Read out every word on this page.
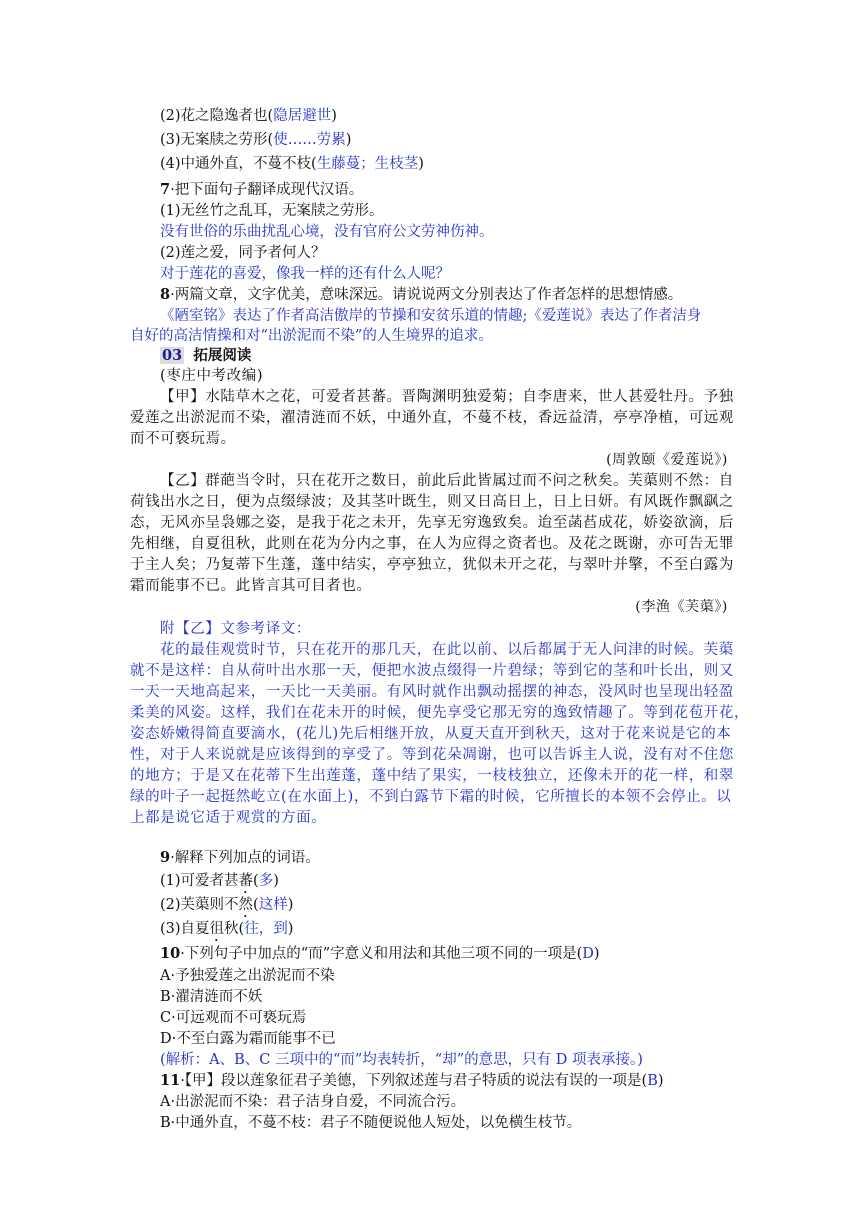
(2)花之隐逸者也(隐居避世)
(3)无案牍之劳形(使……劳累)
(4)中通外直，不蔓不枝(生藤蔓；生枝茎)
7·把下面句子翻译成现代汉语。
(1)无丝竹之乱耳，无案牍之劳形。
没有世俗的乐曲扰乱心境，没有官府公文劳神伤神。
(2)莲之爱，同予者何人？
对于莲花的喜爱，像我一样的还有什么人呢？
8·两篇文章，文字优美，意味深远。请说说两文分别表达了作者怎样的思想情感。
《陋室铭》表达了作者高洁傲岸的节操和安贫乐道的情趣;《爱莲说》表达了作者洁身
自好的高洁情操和对“出淤泥而不染”的人生境界的追求。
03 拓展阅读
(枣庄中考改编)
【甲】水陆草木之花，可爱者甚蕃。晋陶渊明独爱菊；自李唐来，世人甚爱牡丹。予独
爱莲之出淤泥而不染，濯清涟而不妖，中通外直，不蔓不枝，香远益清，亭亭净植，可远观
而不可亵玩焉。
(周敦颐《爱莲说》)
【乙】群葩当令时，只在花开之数日，前此后此皆属过而不问之秋矣。芙蕖则不然：自
荷钱出水之日，便为点缀绿波；及其茎叶既生，则又日高日上，日上日妍。有风既作飘飖之
态，无风亦呈袅娜之姿，是我于花之未开，先享无穷逸致矣。迨至菡萏成花，娇姿欲滴，后
先相继，自夏徂秋，此则在花为分内之事，在人为应得之资者也。及花之既谢，亦可告无罪
于主人矣；乃复蒂下生蓬，蓬中结实，亭亭独立，犹似未开之花，与翠叶并擎，不至白露为
霜而能事不已。此皆言其可目者也。
(李渔《芙蕖》)
附【乙】文参考译文：
花的最佳观赏时节，只在花开的那几天，在此以前、以后都属于无人问津的时候。芙蕖
就不是这样：自从荷叶出水那一天，便把水波点缀得一片碧绿；等到它的茎和叶长出，则又
一天一天地高起来，一天比一天美丽。有风时就作出飘动摇摆的神态，没风时也呈现出轻盈
柔美的风姿。这样，我们在花未开的时候，便先享受它那无穷的逸致情趣了。等到花苞开花，
姿态娇嫩得简直要滴水，(花儿)先后相继开放，从夏天直开到秋天，这对于花来说是它的本
性，对于人来说就是应该得到的享受了。等到花朵凋谢，也可以告诉主人说，没有对不住您
的地方；于是又在花蒂下生出莲蓬，蓬中结了果实，一枝枝独立，还像未开的花一样，和翠
绿的叶子一起挺然屹立(在水面上)，不到白露节下霜的时候，它所擅长的本领不会停止。以
上都是说它适于观赏的方面。
9·解释下列加点的词语。
(1)可爱者甚蕃(多)
(2)芙蕖则不然(这样)
(3)自夏徂秋(往，到)
10·下列句子中加点的“而”字意义和用法和其他三项不同的一项是(D)
A·予独爱莲之出淤泥而不染
B·濯清涟而不妖
C·可远观而不可亵玩焉
D·不至白露为霜而能事不已
(解析：A、B、C 三项中的“而”均表转折，“却”的意思，只有 D 项表承接。)
11·【甲】段以莲象征君子美德，下列叙述莲与君子特质的说法有误的一项是(B)
A·出淤泥而不染：君子洁身自爱，不同流合污。
B·中通外直，不蔓不枝：君子不随便说他人短处，以免横生枝节。
